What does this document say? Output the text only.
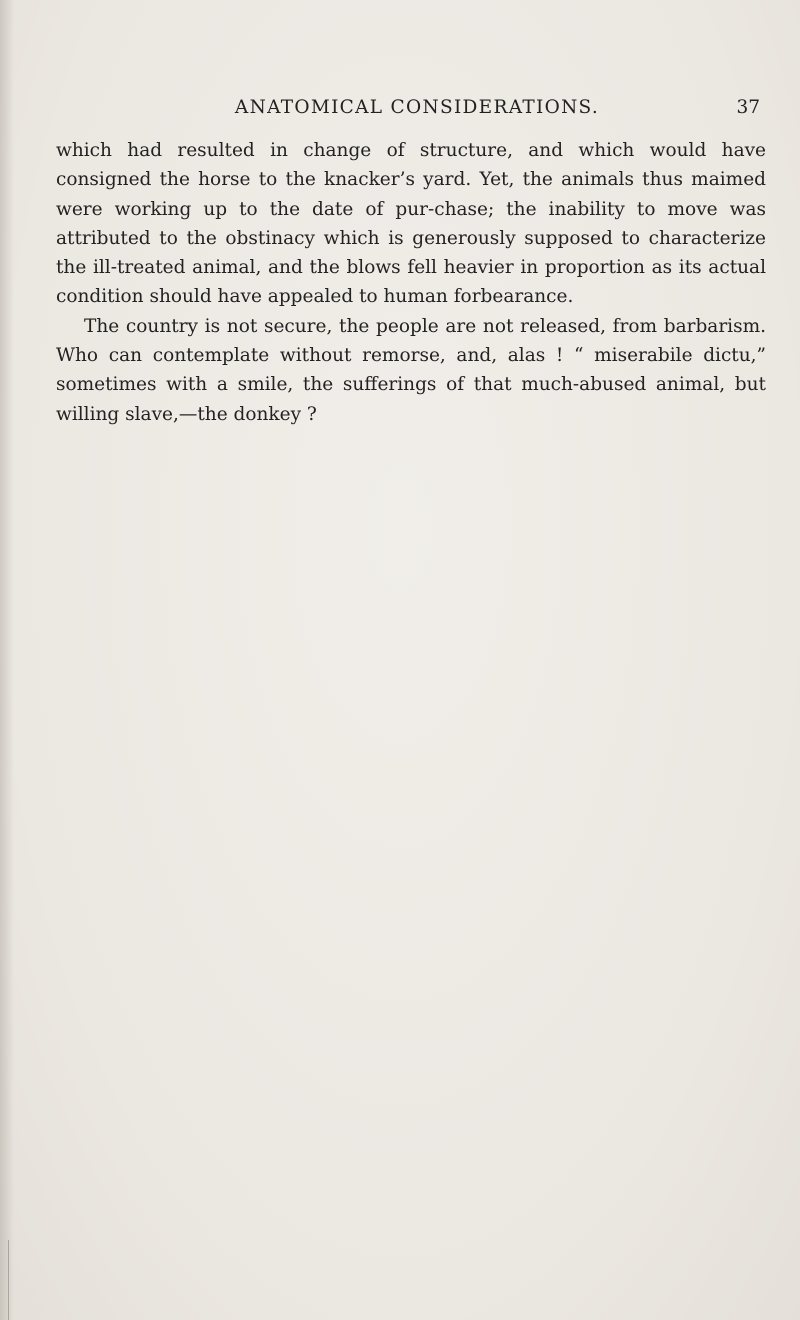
ANATOMICAL CONSIDERATIONS.	37

which had resulted in change of structure, and which would have consigned the horse to the knacker’s yard. Yet, the animals thus maimed were working up to the date of pur-chase; the inability to move was attributed to the obstinacy which is generously supposed to characterize the ill-treated animal, and the blows fell heavier in proportion as its actual condition should have appealed to human forbearance.

The country is not secure, the people are not released, from barbarism. Who can contemplate without remorse, and, alas ! “ miserabile dictu,” sometimes with a smile, the sufferings of that much-abused animal, but willing slave,—the donkey ?
